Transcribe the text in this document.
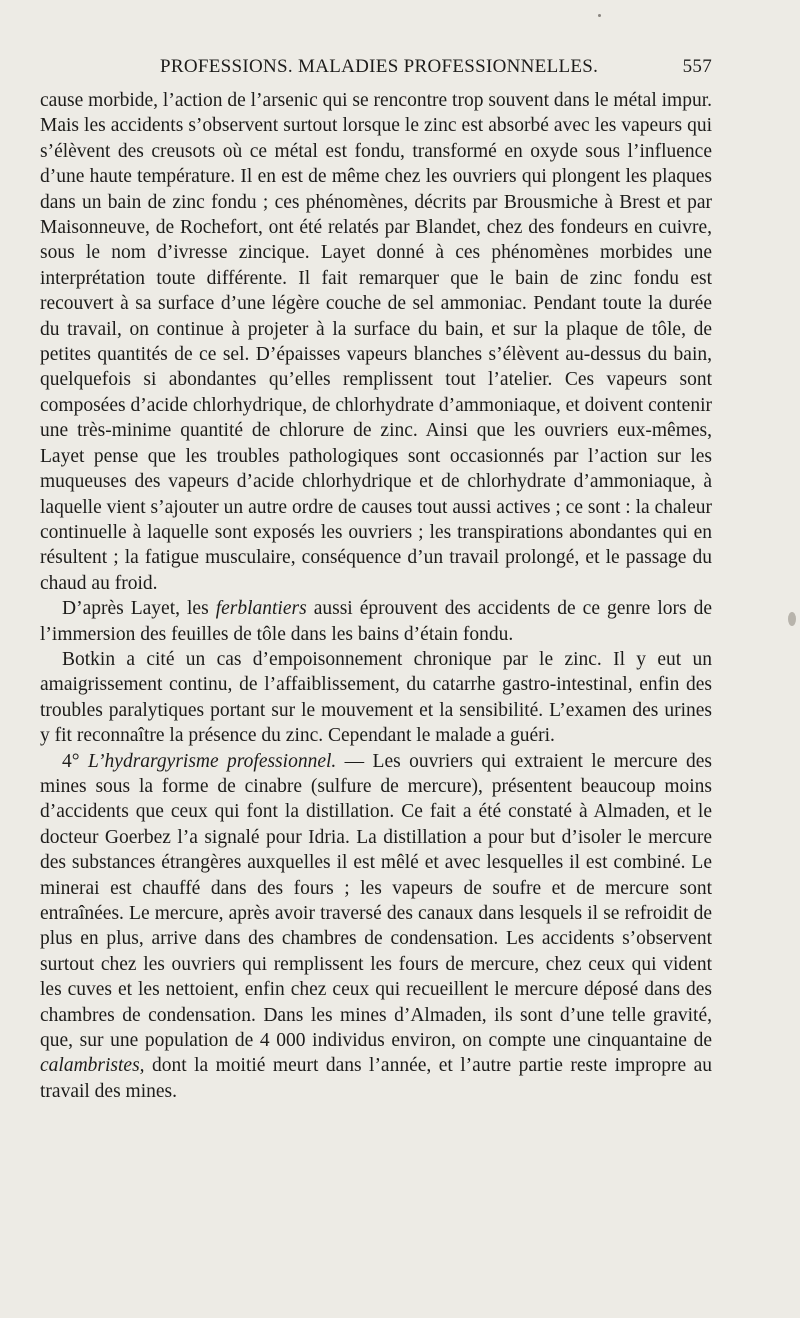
PROFESSIONS. MALADIES PROFESSIONNELLES.	557

cause morbide, l’action de l’arsenic qui se rencontre trop souvent dans le métal impur. Mais les accidents s’observent surtout lorsque le zinc est absorbé avec les vapeurs qui s’élèvent des creusots où ce métal est fondu, transformé en oxyde sous l’influence d’une haute température. Il en est de même chez les ouvriers qui plongent les plaques dans un bain de zinc fondu ; ces phénomènes, décrits par Brousmiche à Brest et par Maisonneuve, de Rochefort, ont été relatés par Blandet, chez des fondeurs en cuivre, sous le nom d’ivresse zincique. Layet donné à ces phénomènes morbides une interprétation toute différente. Il fait remarquer que le bain de zinc fondu est recouvert à sa surface d’une légère couche de sel ammoniac. Pendant toute la durée du travail, on continue à projeter à la surface du bain, et sur la plaque de tôle, de petites quantités de ce sel. D’épaisses vapeurs blanches s’élèvent au-dessus du bain, quelquefois si abondantes qu’elles remplissent tout l’atelier. Ces vapeurs sont composées d’acide chlorhydrique, de chlorhydrate d’ammoniaque, et doivent contenir une très-minime quantité de chlorure de zinc. Ainsi que les ouvriers eux-mêmes, Layet pense que les troubles pathologiques sont occasionnés par l’action sur les muqueuses des vapeurs d’acide chlorhydrique et de chlorhydrate d’ammoniaque, à laquelle vient s’ajouter un autre ordre de causes tout aussi actives ; ce sont : la chaleur continuelle à laquelle sont exposés les ouvriers ; les transpirations abondantes qui en résultent ; la fatigue musculaire, conséquence d’un travail prolongé, et le passage du chaud au froid.

D’après Layet, les ferblantiers aussi éprouvent des accidents de ce genre lors de l’immersion des feuilles de tôle dans les bains d’étain fondu.

Botkin a cité un cas d’empoisonnement chronique par le zinc. Il y eut un amaigrissement continu, de l’affaiblissement, du catarrhe gastro-intestinal, enfin des troubles paralytiques portant sur le mouvement et la sensibilité. L’examen des urines y fit reconnaître la présence du zinc. Cependant le malade a guéri.

4° L’hydrargyrisme professionnel. — Les ouvriers qui extraient le mercure des mines sous la forme de cinabre (sulfure de mercure), présentent beaucoup moins d’accidents que ceux qui font la distillation. Ce fait a été constaté à Almaden, et le docteur Goerbez l’a signalé pour Idria. La distillation a pour but d’isoler le mercure des substances étrangères auxquelles il est mêlé et avec lesquelles il est combiné. Le minerai est chauffé dans des fours ; les vapeurs de soufre et de mercure sont entraînées. Le mercure, après avoir traversé des canaux dans lesquels il se refroidit de plus en plus, arrive dans des chambres de condensation. Les accidents s’observent surtout chez les ouvriers qui remplissent les fours de mercure, chez ceux qui vident les cuves et les nettoient, enfin chez ceux qui recueillent le mercure déposé dans des chambres de condensation. Dans les mines d’Almaden, ils sont d’une telle gravité, que, sur une population de 4 000 individus environ, on compte une cinquantaine de calambristes, dont la moitié meurt dans l’année, et l’autre partie reste impropre au travail des mines.
